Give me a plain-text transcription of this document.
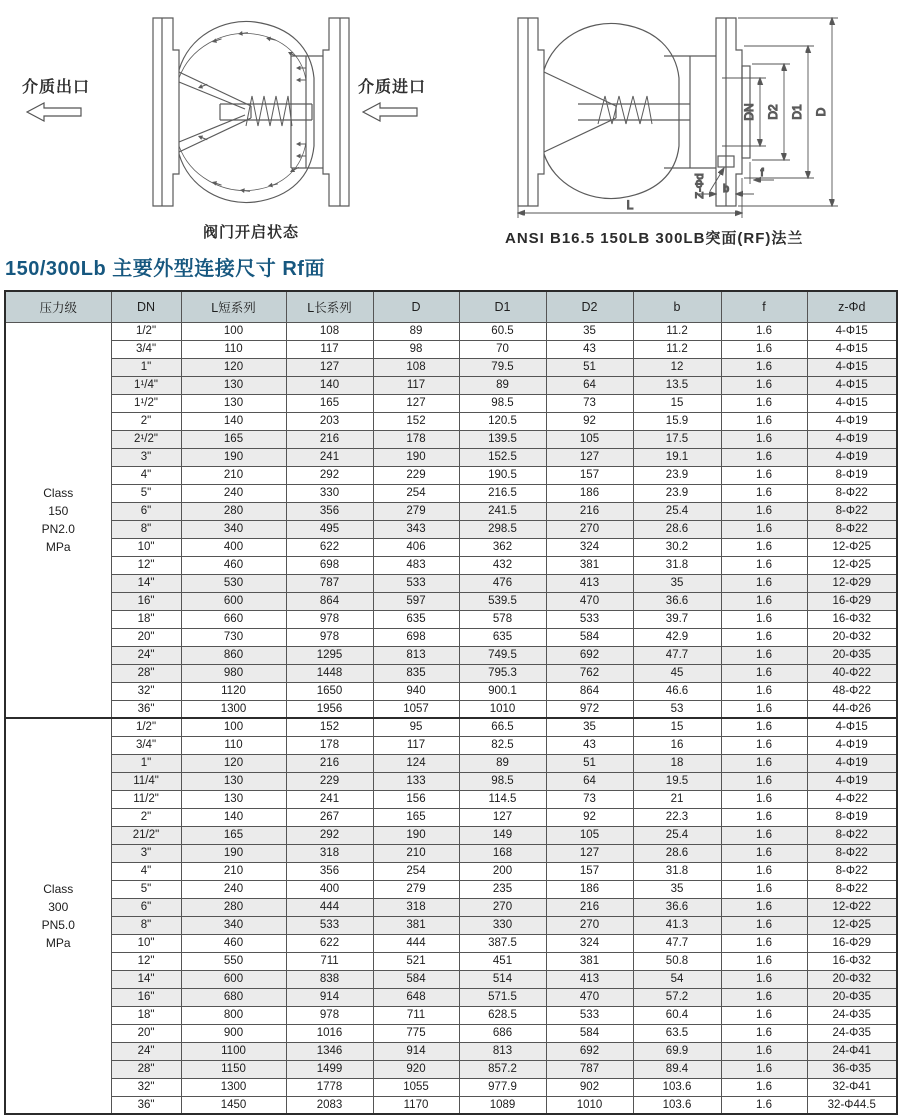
介质出口	介质进口
阀门开启状态
DN D2 D1 D
L
b
f
Z-Φd
ANSI B16.5 150LB 300LB突面(RF)法兰
150/300Lb 主要外型连接尺寸 Rf面
压力级	DN	L短系列	L长系列	D	D1	D2	b	f	z-Φd

Class
150
PN2.0
MPa	1/2"	100	108	89	60.5	35	11.2	1.6	4-Φ15
	3/4"	110	117	98	70	43	11.2	1.6	4-Φ15
	1"	120	127	108	79.5	51	12	1.6	4-Φ15
	1¹/4"	130	140	117	89	64	13.5	1.6	4-Φ15
	1¹/2"	130	165	127	98.5	73	15	1.6	4-Φ15
	2"	140	203	152	120.5	92	15.9	1.6	4-Φ19
	2¹/2"	165	216	178	139.5	105	17.5	1.6	4-Φ19
	3"	190	241	190	152.5	127	19.1	1.6	4-Φ19
	4"	210	292	229	190.5	157	23.9	1.6	8-Φ19
	5"	240	330	254	216.5	186	23.9	1.6	8-Φ22
	6"	280	356	279	241.5	216	25.4	1.6	8-Φ22
	8"	340	495	343	298.5	270	28.6	1.6	8-Φ22
	10"	400	622	406	362	324	30.2	1.6	12-Φ25
	12"	460	698	483	432	381	31.8	1.6	12-Φ25
	14"	530	787	533	476	413	35	1.6	12-Φ29
	16"	600	864	597	539.5	470	36.6	1.6	16-Φ29
	18"	660	978	635	578	533	39.7	1.6	16-Φ32
	20"	730	978	698	635	584	42.9	1.6	20-Φ32
	24"	860	1295	813	749.5	692	47.7	1.6	20-Φ35
	28"	980	1448	835	795.3	762	45	1.6	40-Φ22
	32"	1120	1650	940	900.1	864	46.6	1.6	48-Φ22
	36"	1300	1956	1057	1010	972	53	1.6	44-Φ26

Class
300
PN5.0
MPa	1/2"	100	152	95	66.5	35	15	1.6	4-Φ15
	3/4"	110	178	117	82.5	43	16	1.6	4-Φ19
	1"	120	216	124	89	51	18	1.6	4-Φ19
	11/4"	130	229	133	98.5	64	19.5	1.6	4-Φ19
	11/2"	130	241	156	114.5	73	21	1.6	4-Φ22
	2"	140	267	165	127	92	22.3	1.6	8-Φ19
	21/2"	165	292	190	149	105	25.4	1.6	8-Φ22
	3"	190	318	210	168	127	28.6	1.6	8-Φ22
	4"	210	356	254	200	157	31.8	1.6	8-Φ22
	5"	240	400	279	235	186	35	1.6	8-Φ22
	6"	280	444	318	270	216	36.6	1.6	12-Φ22
	8"	340	533	381	330	270	41.3	1.6	12-Φ25
	10"	460	622	444	387.5	324	47.7	1.6	16-Φ29
	12"	550	711	521	451	381	50.8	1.6	16-Φ32
	14"	600	838	584	514	413	54	1.6	20-Φ32
	16"	680	914	648	571.5	470	57.2	1.6	20-Φ35
	18"	800	978	711	628.5	533	60.4	1.6	24-Φ35
	20"	900	1016	775	686	584	63.5	1.6	24-Φ35
	24"	1100	1346	914	813	692	69.9	1.6	24-Φ41
	28"	1150	1499	920	857.2	787	89.4	1.6	36-Φ35
	32"	1300	1778	1055	977.9	902	103.6	1.6	32-Φ41
	36"	1450	2083	1170	1089	1010	103.6	1.6	32-Φ44.5
